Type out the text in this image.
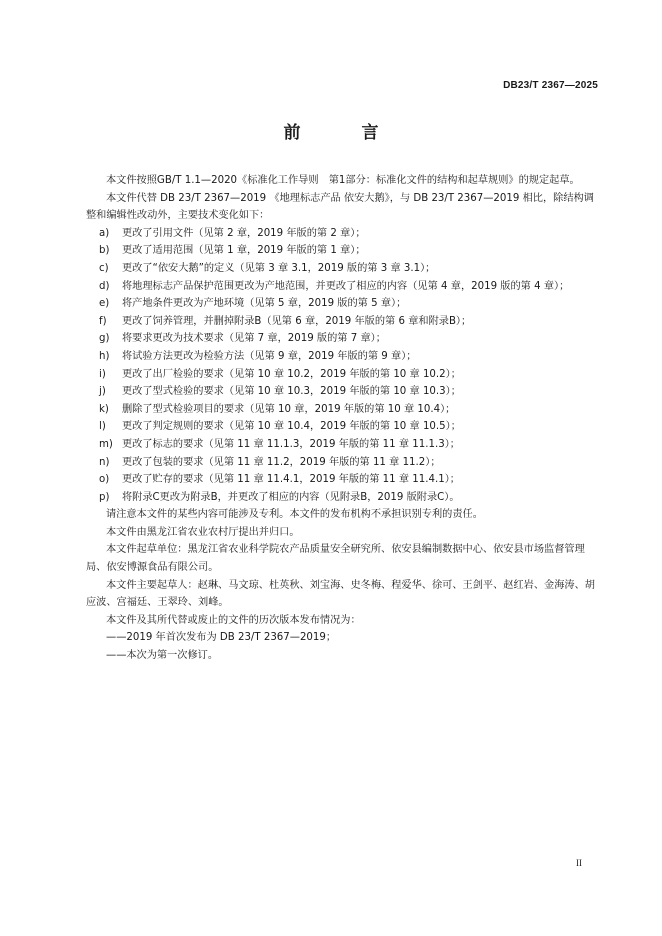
DB23/T 2367—2025
前　言

本文件按照GB/T 1.1—2020《标准化工作导则　第1部分：标准化文件的结构和起草规则》的规定起草。

本文件代替 DB 23/T 2367—2019 《地理标志产品 依安大鹅》，与 DB 23/T 2367—2019 相比，除结构调整和编辑性改动外，主要技术变化如下：

a) 更改了引用文件（见第 2 章，2019 年版的第 2 章）；

b) 更改了适用范围（见第 1 章，2019 年版的第 1 章）；

c) 更改了“依安大鹅”的定义（见第 3 章 3.1，2019 版的第 3 章 3.1）；

d) 将地理标志产品保护范围更改为产地范围，并更改了相应的内容（见第 4 章，2019 版的第 4 章）；

e) 将产地条件更改为产地环境（见第 5 章，2019 版的第 5 章）；

f) 更改了饲养管理，并删掉附录B（见第 6 章，2019 年版的第 6 章和附录B）；

g) 将要求更改为技术要求（见第 7 章，2019 版的第 7 章）；

h) 将试验方法更改为检验方法（见第 9 章，2019 年版的第 9 章）；

i) 更改了出厂检验的要求（见第 10 章 10.2，2019 年版的第 10 章 10.2）；

j) 更改了型式检验的要求（见第 10 章 10.3，2019 年版的第 10 章 10.3）；

k) 删除了型式检验项目的要求（见第 10 章，2019 年版的第 10 章 10.4）；

l) 更改了判定规则的要求（见第 10 章 10.4，2019 年版的第 10 章 10.5）；

m) 更改了标志的要求（见第 11 章 11.1.3，2019 年版的第 11 章 11.1.3）；

n) 更改了包装的要求（见第 11 章 11.2，2019 年版的第 11 章 11.2）；

o) 更改了贮存的要求（见第 11 章 11.4.1，2019 年版的第 11 章 11.4.1）；

p) 将附录C更改为附录B，并更改了相应的内容（见附录B，2019 版附录C）。

请注意本文件的某些内容可能涉及专利。本文件的发布机构不承担识别专利的责任。

本文件由黑龙江省农业农村厅提出并归口。

本文件起草单位：黑龙江省农业科学院农产品质量安全研究所、依安县编制数据中心、依安县市场监督管理局、依安博源食品有限公司。

本文件主要起草人：赵琳、马文琼、杜英秋、刘宝海、史冬梅、程爱华、徐可、王剑平、赵红岩、金海涛、胡应波、宫福廷、王翠玲、刘峰。

本文件及其所代替或废止的文件的历次版本发布情况为：

——2019 年首次发布为 DB 23/T 2367—2019；

——本次为第一次修订。

II
